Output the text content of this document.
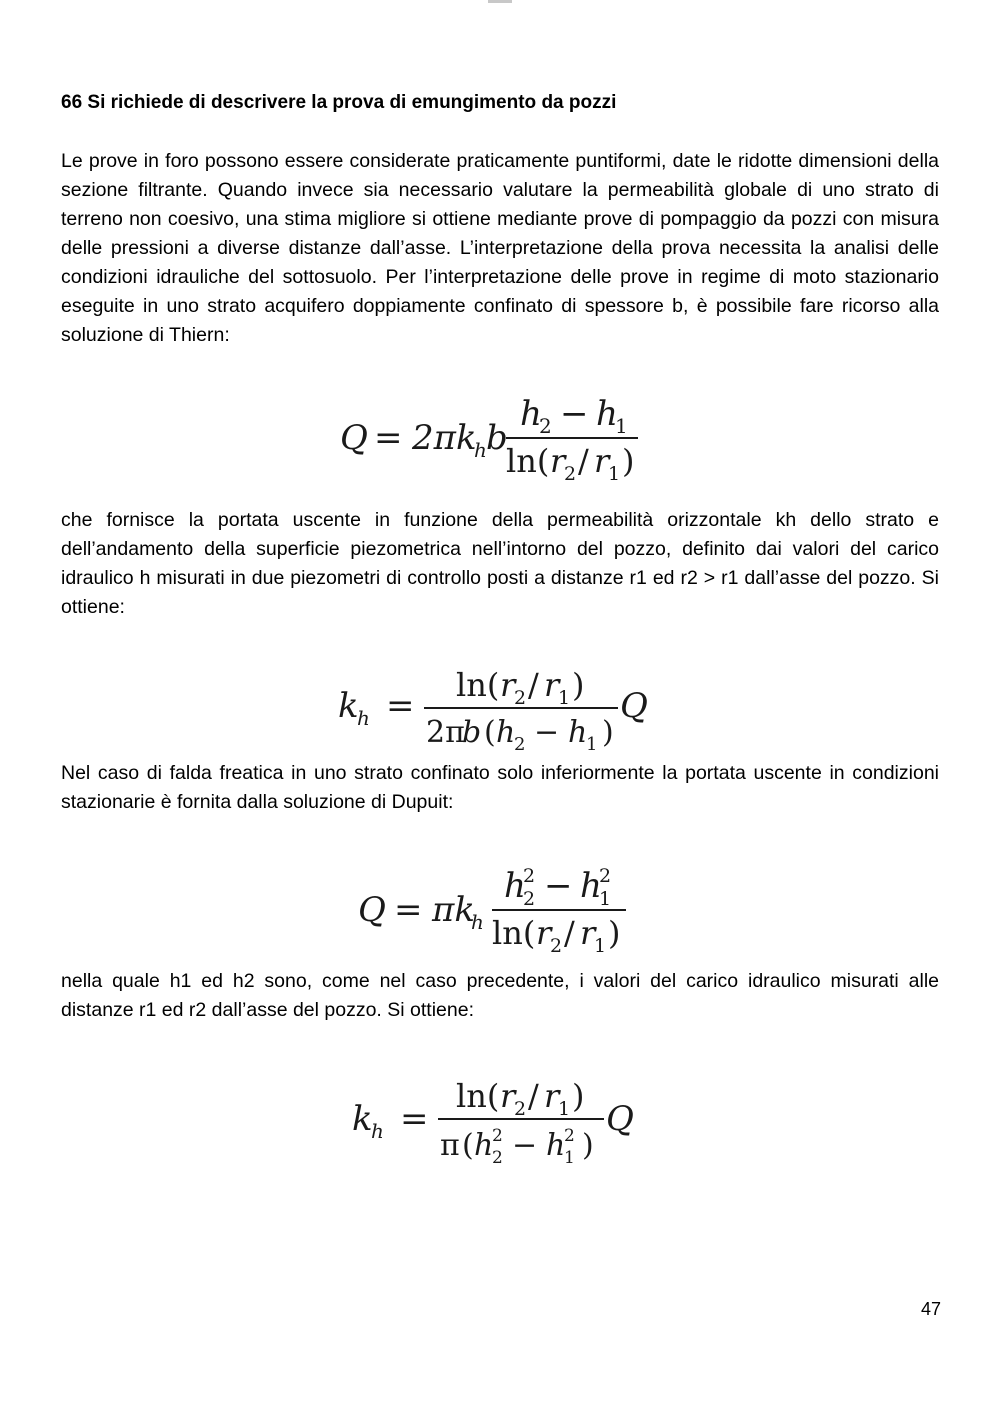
66 Si richiede di descrivere la prova di emungimento da pozzi
Le prove in foro possono essere considerate praticamente puntiformi, date le ridotte dimensioni della sezione filtrante. Quando invece sia necessario valutare la permeabilità globale di uno strato di terreno non coesivo, una stima migliore si ottiene mediante prove di pompaggio da pozzi con misura delle pressioni a diverse distanze dall’asse. L’interpretazione della prova necessita la analisi delle condizioni idrauliche del sottosuolo. Per l’interpretazione delle prove in regime di moto stazionario eseguite in uno strato acquifero doppiamente confinato di spessore b, è possibile fare ricorso alla soluzione di Thiern:
Q = 2πk
h b
h
2 − h
1
ln( r
2 / r
1 )
che fornisce la portata uscente in funzione della permeabilità orizzontale kh dello strato e dell’andamento della superficie piezometrica nell’intorno del pozzo, definito dai valori del carico idraulico h misurati in due piezometri di controllo posti a distanze r1 ed r2 > r1 dall’asse del pozzo. Si ottiene:
k
h =
ln( r
2 / r
1 )
2π
b ( h
2 − h
1 )
Q
Nel caso di falda freatica in uno strato confinato solo inferiormente la portata uscente in condizioni stazionarie è fornita dalla soluzione di Dupuit:
Q = πk
h
h
2
2 − h
2
1
ln( r
2 / r
1 )
nella quale h1 ed h2 sono, come nel caso precedente, i valori del carico idraulico misurati alle distanze r1 ed r2 dall’asse del pozzo. Si ottiene:
k
h =
ln( r
2 / r
1 )
π ( h
2
2 − h
2
1 )
Q
47
